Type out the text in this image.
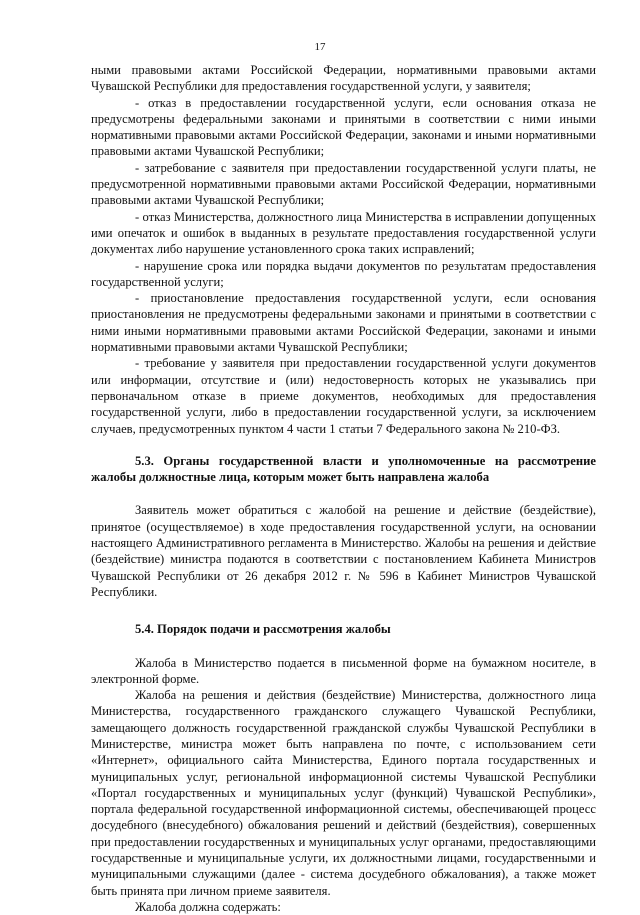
17

ными правовыми актами Российской Федерации, нормативными правовыми актами Чувашской Республики для предоставления государственной услуги, у заявителя;

- отказ в предоставлении государственной услуги, если основания отказа не предусмотрены федеральными законами и принятыми в соответствии с ними иными нормативными правовыми актами Российской Федерации, законами и иными нормативными правовыми актами Чувашской Республики;

- затребование с заявителя при предоставлении государственной услуги платы, не предусмотренной нормативными правовыми актами Российской Федерации, нормативными правовыми актами Чувашской Республики;

- отказ Министерства, должностного лица Министерства в исправлении допущенных ими опечаток и ошибок в выданных в результате предоставления государственной услуги документах либо нарушение установленного срока таких исправлений;

- нарушение срока или порядка выдачи документов по результатам предоставления государственной услуги;

- приостановление предоставления государственной услуги, если основания приостановления не предусмотрены федеральными законами и принятыми в соответствии с ними иными нормативными правовыми актами Российской Федерации, законами и иными нормативными правовыми актами Чувашской Республики;

- требование у заявителя при предоставлении государственной услуги документов или информации, отсутствие и (или) недостоверность которых не указывались при первоначальном отказе в приеме документов, необходимых для предоставления государственной услуги, либо в предоставлении государственной услуги, за исключением случаев, предусмотренных пунктом 4 части 1 статьи 7 Федерального закона № 210-ФЗ.

5.3. Органы государственной власти и уполномоченные на рассмотрение жалобы должностные лица, которым может быть направлена жалоба

Заявитель может обратиться с жалобой на решение и действие (бездействие), принятое (осуществляемое) в ходе предоставления государственной услуги, на основании настоящего Административного регламента в Министерство. Жалобы на решения и действие (бездействие) министра подаются в соответствии с постановлением Кабинета Министров Чувашской Республики от 26 декабря 2012 г. № 596 в Кабинет Министров Чувашской Республики.

5.4. Порядок подачи и рассмотрения жалобы

Жалоба в Министерство подается в письменной форме на бумажном носителе, в электронной форме.

Жалоба на решения и действия (бездействие) Министерства, должностного лица Министерства, государственного гражданского служащего Чувашской Республики, замещающего должность государственной гражданской службы Чувашской Республики в Министерстве, министра может быть направлена по почте, с использованием сети «Интернет», официального сайта Министерства, Единого портала государственных и муниципальных услуг, региональной информационной системы Чувашской Республики «Портал государственных и муниципальных услуг (функций) Чувашской Республики», портала федеральной государственной информационной системы, обеспечивающей процесс досудебного (внесудебного) обжалования решений и действий (бездействия), совершенных при предоставлении государственных и муниципальных услуг органами, предоставляющими государственные и муниципальные услуги, их должностными лицами, государственными и муниципальными служащими (далее - система досудебного обжалования), а также может быть принята при личном приеме заявителя.

Жалоба должна содержать:
